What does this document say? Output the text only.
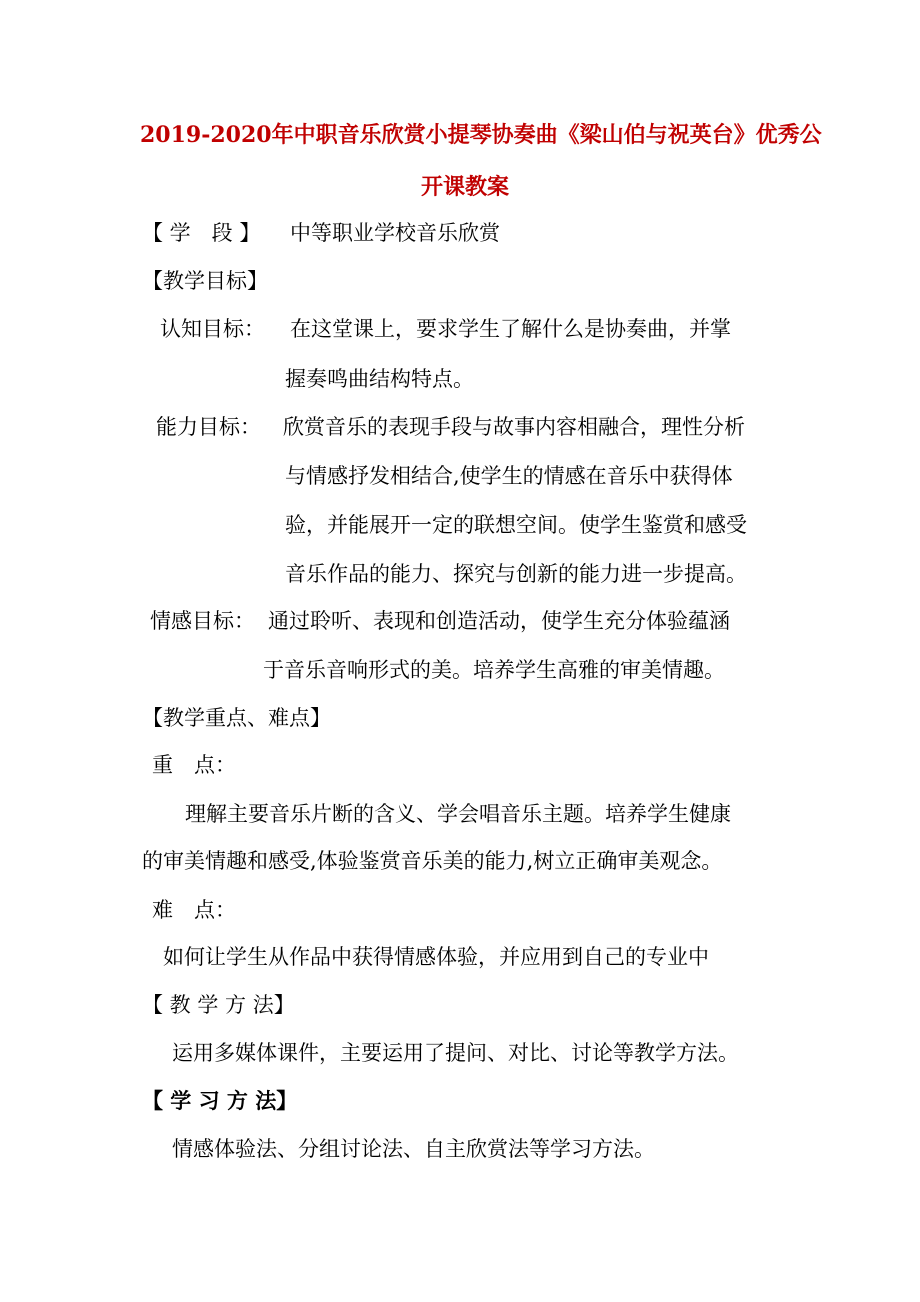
2019-2020年中职音乐欣赏小提琴协奏曲《梁山伯与祝英台》优秀公
开课教案
【 学　段 】 中等职业学校音乐欣赏
【教学目标】
认知目标： 在这堂课上，要求学生了解什么是协奏曲，并掌
握奏鸣曲结构特点。
能力目标： 欣赏音乐的表现手段与故事内容相融合，理性分析
与情感抒发相结合,使学生的情感在音乐中获得体
验，并能展开一定的联想空间。使学生鉴赏和感受
音乐作品的能力、探究与创新的能力进一步提高。
情感目标： 通过聆听、表现和创造活动，使学生充分体验蕴涵
于音乐音响形式的美。培养学生高雅的审美情趣。
【教学重点、难点】
重　点：
理解主要音乐片断的含义、学会唱音乐主题。培养学生健康
的审美情趣和感受,体验鉴赏音乐美的能力,树立正确审美观念。
难　点：
如何让学生从作品中获得情感体验，并应用到自己的专业中
【 教 学 方 法】
运用多媒体课件，主要运用了提问、对比、讨论等教学方法。
【 学 习 方 法】
情感体验法、分组讨论法、自主欣赏法等学习方法。
